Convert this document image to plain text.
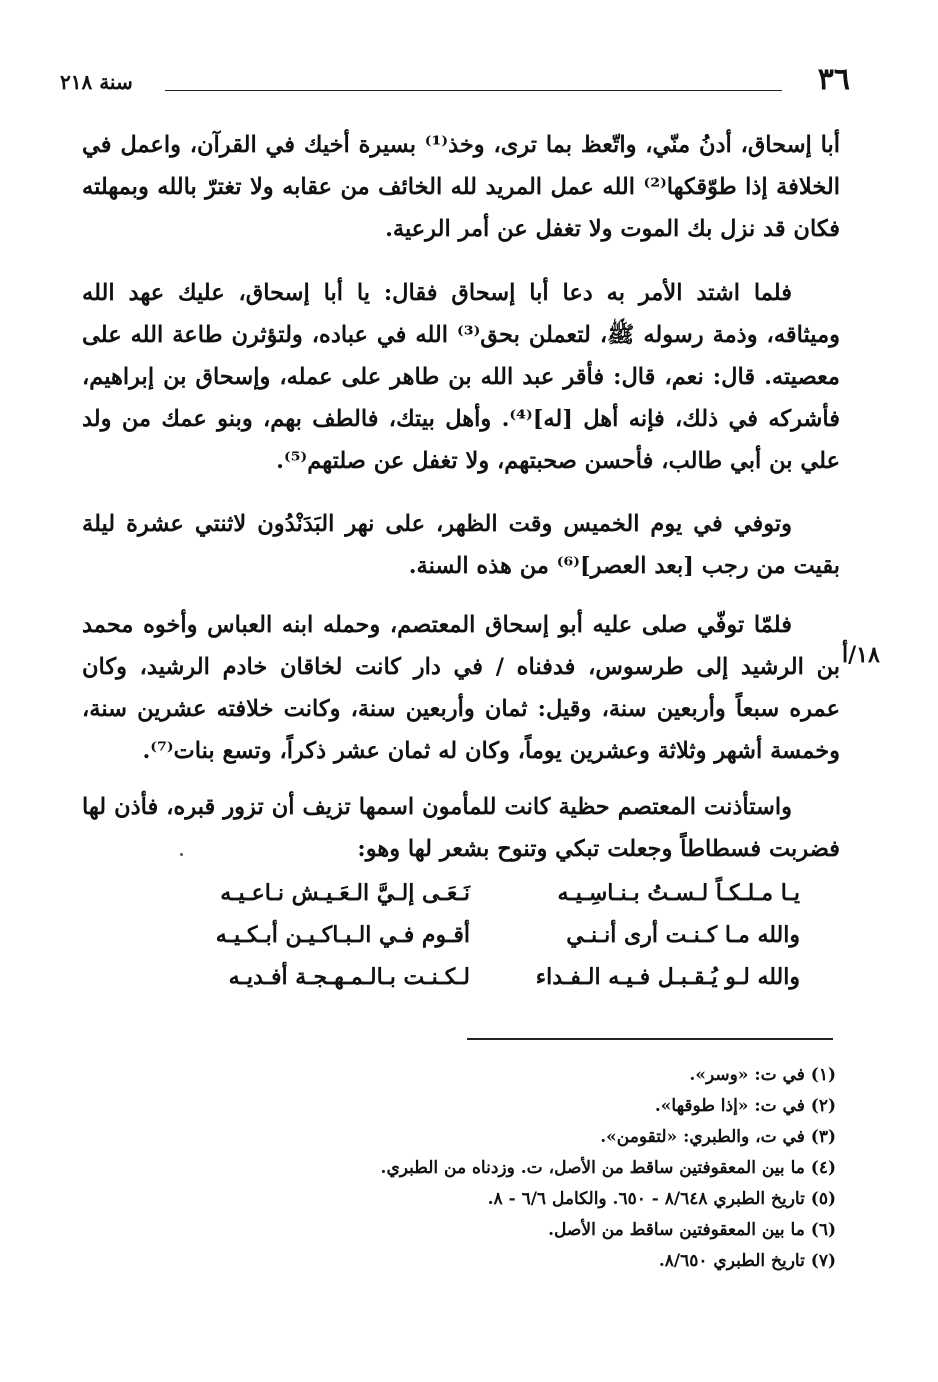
سنة ٢١٨	٣٦

أبا إسحاق، أدنُ منّي، واتّعظ بما ترى، وخذ⁽¹⁾ بسيرة أخيك في القرآن، واعمل في الخلافة إذا طوّقكها⁽²⁾ الله عمل المريد لله الخائف من عقابه ولا تغترّ بالله وبمهلته فكان قد نزل بك الموت ولا تغفل عن أمر الرعية.

فلما اشتد الأمر به دعا أبا إسحاق فقال: يا أبا إسحاق، عليك عهد الله وميثاقه، وذمة رسوله ﷺ، لتعملن بحق⁽³⁾ الله في عباده، ولتؤثرن طاعة الله على معصيته. قال: نعم، قال: فأقر عبد الله بن طاهر على عمله، وإسحاق بن إبراهيم، فأشركه في ذلك، فإنه أهل [له]⁽⁴⁾. وأهل بيتك، فالطف بهم، وبنو عمك من ولد علي بن أبي طالب، فأحسن صحبتهم، ولا تغفل عن صلتهم⁽⁵⁾.

وتوفي في يوم الخميس وقت الظهر، على نهر البَدَنْدُون لاثنتي عشرة ليلة بقيت من رجب [بعد العصر]⁽⁶⁾ من هذه السنة.

فلمّا توفّي صلى عليه أبو إسحاق المعتصم، وحمله ابنه العباس وأخوه محمد بن الرشيد إلى طرسوس، فدفناه / في دار كانت لخاقان خادم الرشيد، وكان عمره سبعاً وأربعين سنة، وقيل: ثمان وأربعين سنة، وكانت خلافته عشرين سنة، وخمسة أشهر وثلاثة وعشرين يوماً، وكان له ثمان عشر ذكراً، وتسع بنات⁽⁷⁾.

واستأذنت المعتصم حظية كانت للمأمون اسمها تزيف أن تزور قبره، فأذن لها فضربت فسطاطاً وجعلت تبكي وتنوح بشعر لها وهو:

١٨/أ
يـا مـلـكـاً لـسـتُ بـنـاسِـيـه
نَـعَـى إلـيَّ الـعَـيـش نـاعـيـه
والله مـا كـنـت أرى أنـنـي
أقـوم فـي الـبـاكـيـن أبـكـيـه
والله لـو يُـقـبـل فـيـه الـفـداء
لـكـنـت بـالـمـهـجـة أفـديـه
(١) في ت: «وسر».
(٢) في ت: «إذا طوقها».
(٣) في ت، والطبري: «لتقومن».
(٤) ما بين المعقوفتين ساقط من الأصل، ت. وزدناه من الطبري.
(٥) تاريخ الطبري ٨/٦٤٨ - ٦٥٠. والكامل ٦/٦ - ٨.
(٦) ما بين المعقوفتين ساقط من الأصل.
(٧) تاريخ الطبري ٨/٦٥٠.
